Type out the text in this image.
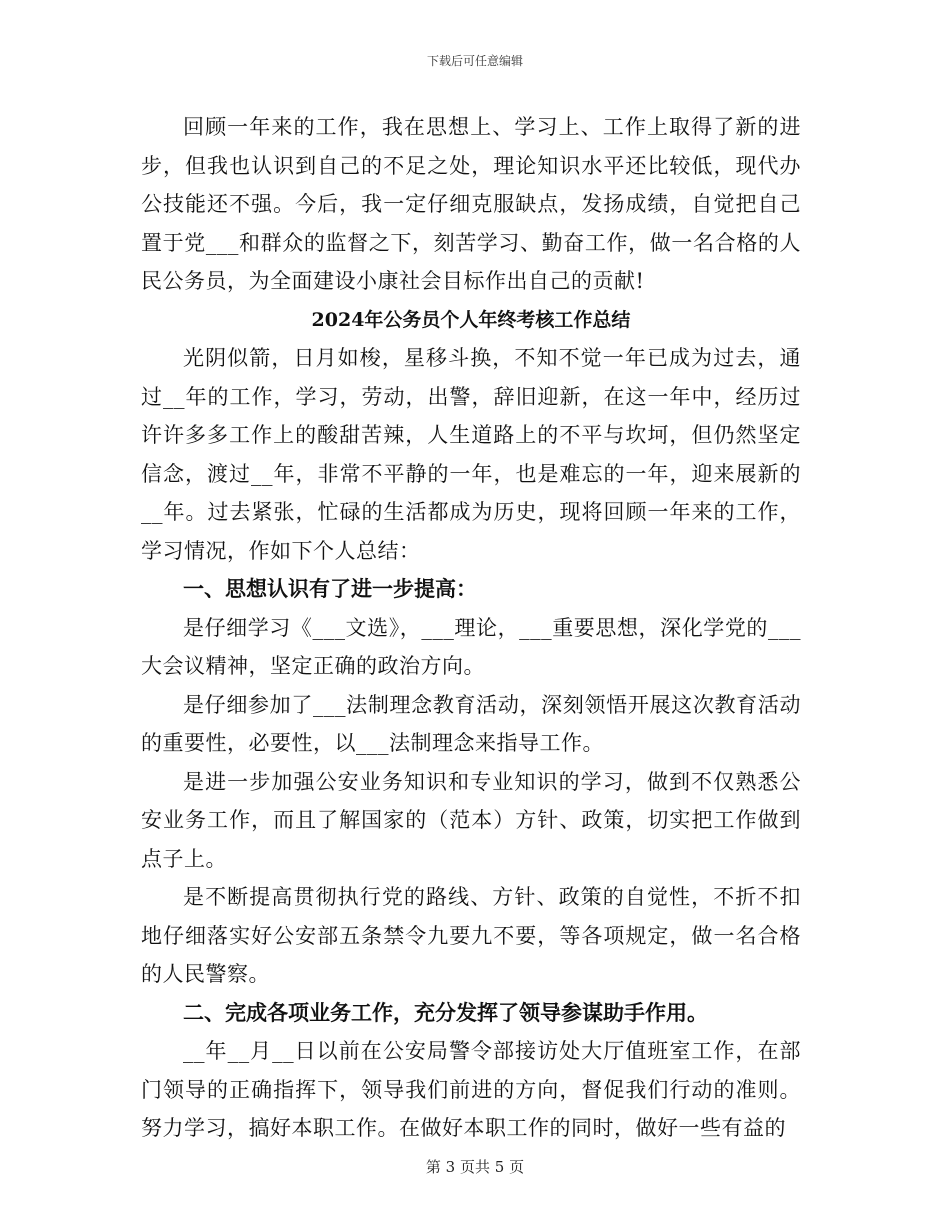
下载后可任意编辑

回顾一年来的工作，我在思想上、学习上、工作上取得了新的进步，但我也认识到自己的不足之处，理论知识水平还比较低，现代办公技能还不强。今后，我一定仔细克服缺点，发扬成绩，自觉把自己置于党___和群众的监督之下，刻苦学习、勤奋工作，做一名合格的人民公务员，为全面建设小康社会目标作出自己的贡献!

2024年公务员个人年终考核工作总结

光阴似箭，日月如梭，星移斗换，不知不觉一年已成为过去，通过__年的工作，学习，劳动，出警，辞旧迎新，在这一年中，经历过许许多多工作上的酸甜苦辣，人生道路上的不平与坎坷，但仍然坚定信念，渡过__年，非常不平静的一年，也是难忘的一年，迎来展新的__年。过去紧张，忙碌的生活都成为历史，现将回顾一年来的工作，学习情况，作如下个人总结：

一、思想认识有了进一步提高：

是仔细学习《___文选》，___理论，___重要思想，深化学党的___大会议精神，坚定正确的政治方向。

是仔细参加了___法制理念教育活动，深刻领悟开展这次教育活动的重要性，必要性，以___法制理念来指导工作。

是进一步加强公安业务知识和专业知识的学习，做到不仅熟悉公安业务工作，而且了解国家的（范本）方针、政策，切实把工作做到点子上。

是不断提高贯彻执行党的路线、方针、政策的自觉性，不折不扣地仔细落实好公安部五条禁令九要九不要，等各项规定，做一名合格的人民警察。

二、完成各项业务工作，充分发挥了领导参谋助手作用。

__年__月__日以前在公安局警令部接访处大厅值班室工作，在部门领导的正确指挥下，领导我们前进的方向，督促我们行动的准则。努力学习，搞好本职工作。在做好本职工作的同时，做好一些有益的

第 3 页共 5 页
